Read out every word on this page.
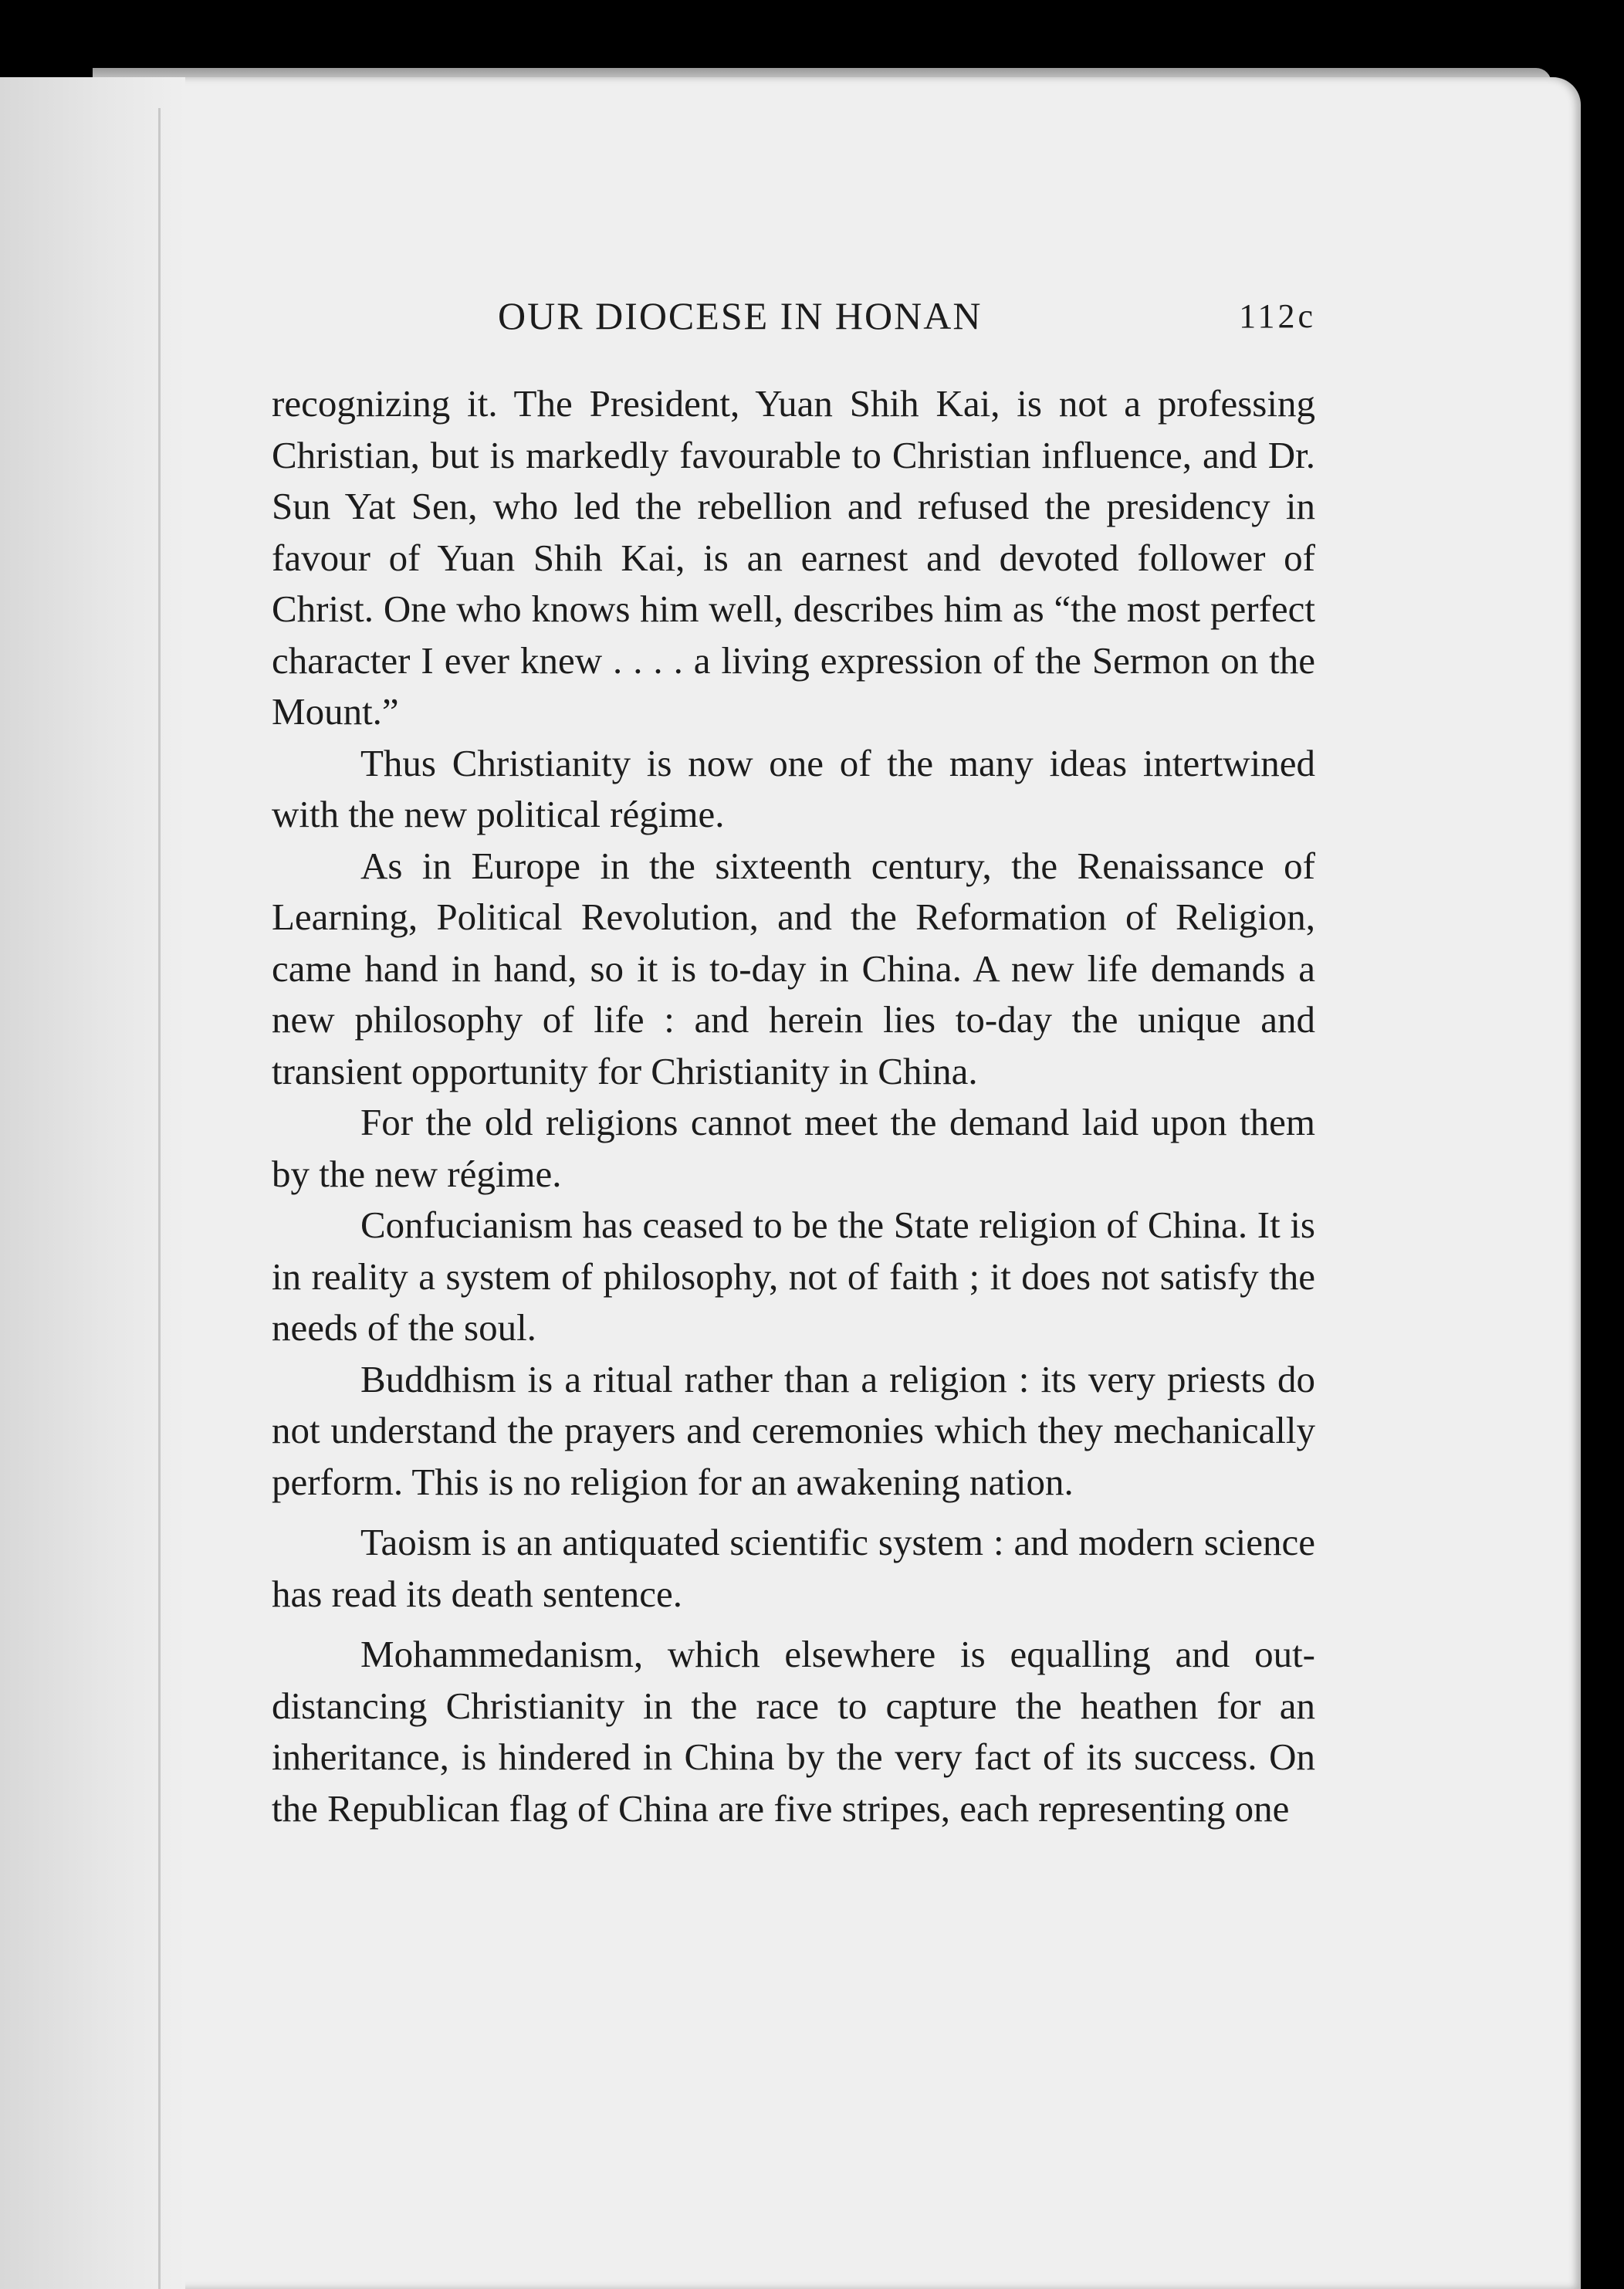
OUR DIOCESE IN HONAN	112c

recognizing it. The President, Yuan Shih Kai, is not a professing Christian, but is markedly favourable to Christian influence, and Dr. Sun Yat Sen, who led the rebellion and refused the presidency in favour of Yuan Shih Kai, is an earnest and devoted follower of Christ. One who knows him well, describes him as “the most perfect character I ever knew . . . . a living expression of the Sermon on the Mount.”

Thus Christianity is now one of the many ideas intertwined with the new political régime.

As in Europe in the sixteenth century, the Renaissance of Learning, Political Revolution, and the Reformation of Religion, came hand in hand, so it is to-day in China. A new life demands a new philosophy of life : and herein lies to-day the unique and transient opportunity for Christianity in China.

For the old religions cannot meet the demand laid upon them by the new régime.

Confucianism has ceased to be the State religion of China. It is in reality a system of philosophy, not of faith ; it does not satisfy the needs of the soul.

Buddhism is a ritual rather than a religion : its very priests do not understand the prayers and ceremonies which they mechanically perform. This is no religion for an awakening nation.

Taoism is an antiquated scientific system : and modern science has read its death sentence.

Mohammedanism, which elsewhere is equalling and out-distancing Christianity in the race to capture the heathen for an inheritance, is hindered in China by the very fact of its success. On the Republican flag of China are five stripes, each representing one
